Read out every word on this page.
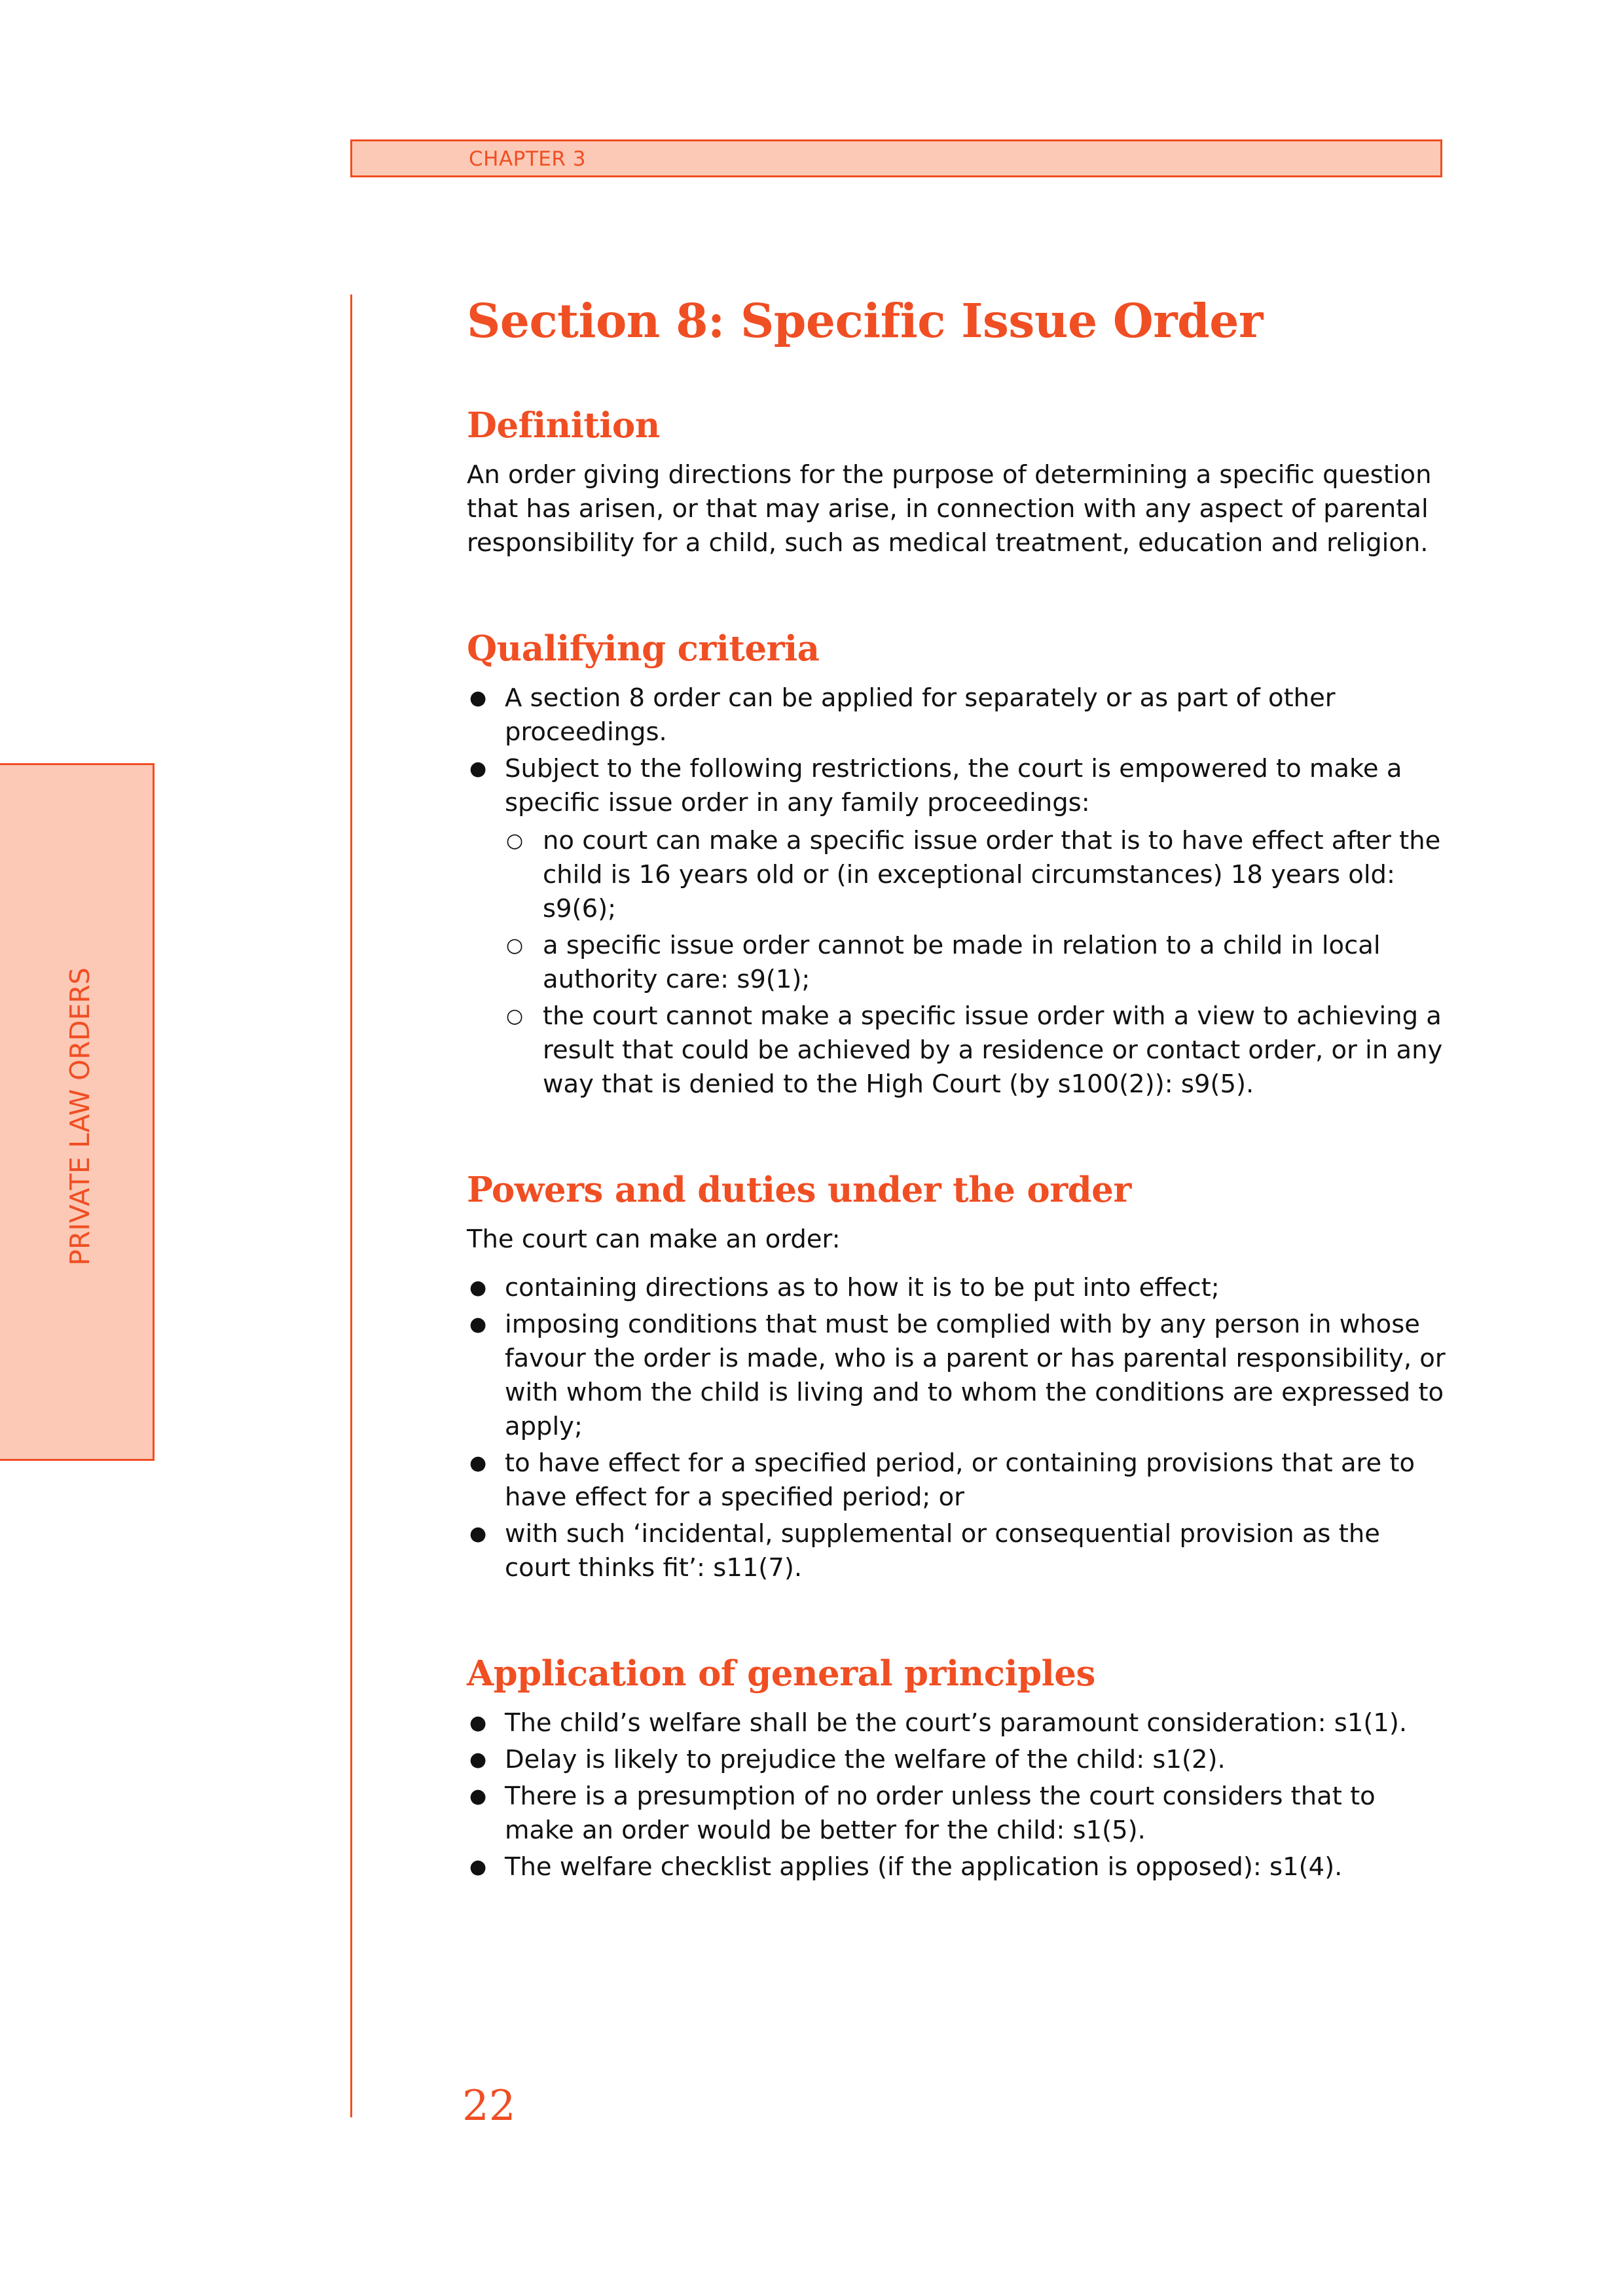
CHAPTER 3
PRIVATE LAW ORDERS
Section 8: Specific Issue Order
Definition

An order giving directions for the purpose of determining a specific question that has arisen, or that may arise, in connection with any aspect of parental responsibility for a child, such as medical treatment, education and religion.

Qualifying criteria
● A section 8 order can be applied for separately or as part of other proceedings.
● Subject to the following restrictions, the court is empowered to make a specific issue order in any family proceedings:
○ no court can make a specific issue order that is to have effect after the child is 16 years old or (in exceptional circumstances) 18 years old: s9(6);
○ a specific issue order cannot be made in relation to a child in local authority care: s9(1);
○ the court cannot make a specific issue order with a view to achieving a result that could be achieved by a residence or contact order, or in any way that is denied to the High Court (by s100(2)): s9(5).
Powers and duties under the order

The court can make an order:

● containing directions as to how it is to be put into effect;
● imposing conditions that must be complied with by any person in whose favour the order is made, who is a parent or has parental responsibility, or with whom the child is living and to whom the conditions are expressed to apply;
● to have effect for a specified period, or containing provisions that are to have effect for a specified period; or
● with such ‘incidental, supplemental or consequential provision as the court thinks fit’: s11(7).
Application of general principles
● The child’s welfare shall be the court’s paramount consideration: s1(1).
● Delay is likely to prejudice the welfare of the child: s1(2).
● There is a presumption of no order unless the court considers that to make an order would be better for the child: s1(5).
● The welfare checklist applies (if the application is opposed): s1(4).
22
